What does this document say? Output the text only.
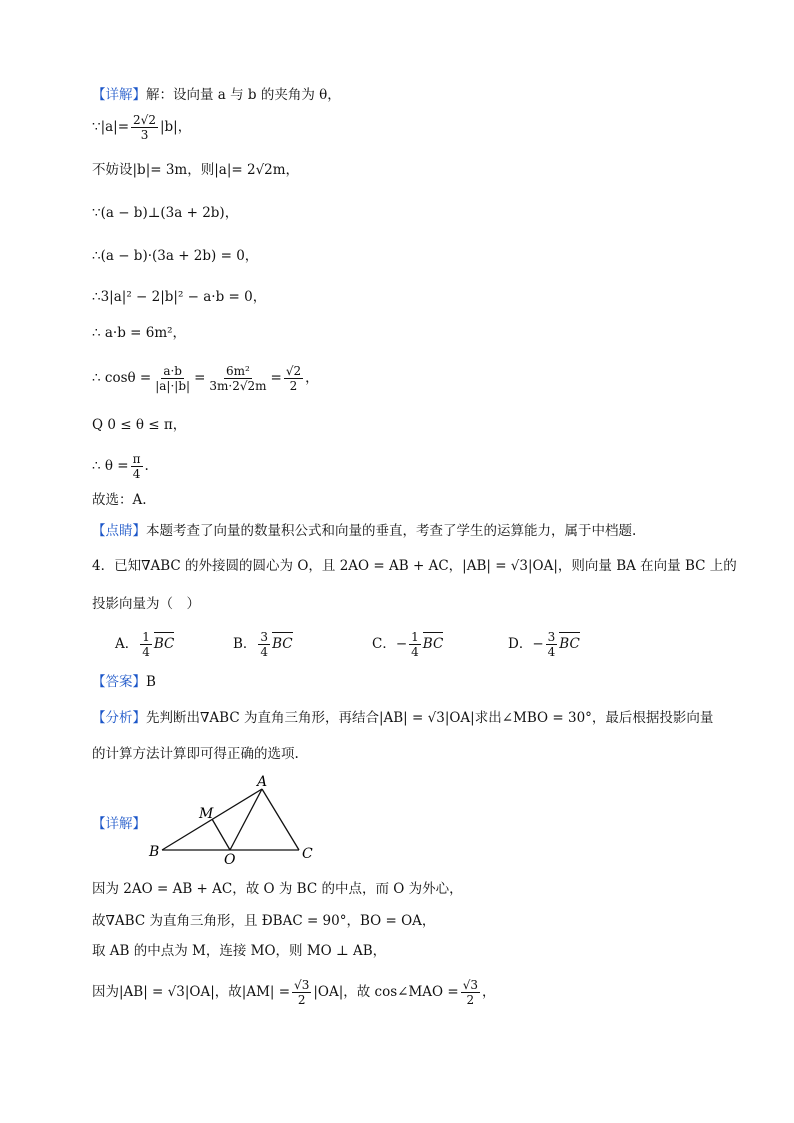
【详解】解：设向量 a 与 b 的夹角为 θ，
∵|a|= $\frac{2√2}{3} |b|$，
不妨设|b|= 3m，则|a|= 2√2m，
∵(a − b)⊥(3a + 2b)，
∴(a − b)·(3a + 2b) = 0，
∴3|a|² − 2|b|² − a·b = 0，
∴ a·b = 6m²，
∴ $\cos\theta = \frac{a\cdot b}{|a|\cdot|b|} = \frac{\text{6m²}}{3m\cdot 2√2m} = \frac{√2}{2}$ ，
Q 0 ≤ θ ≤ π，
∴ $\theta = \frac{\pi}{4}$ .
故选：A.
【点睛】本题考查了向量的数量积公式和向量的垂直，考查了学生的运算能力，属于中档题.
4．已知∇ABC 的外接圆的圆心为 O，且 2AO = AB + AC，|AB| = √3|OA|，则向量 BA 在向量 BC 上的
投影向量为（　）
A． $\frac{1}{4}$ BC	B． $\frac{3}{4}$ BC	C．− $\frac{1}{4}$ BC	D．− $\frac{3}{4}$ BC
【答案】B
【分析】先判断出∇ABC 为直角三角形，再结合|AB| = √3|OA|求出∠MBO = 30°，最后根据投影向量
的计算方法计算即可得正确的选项.
【详解】
A
B	C
M
O
因为 2AO = AB + AC，故 O 为 BC 的中点，而 O 为外心，
故∇ABC 为直角三角形，且 ÐBAC = 90°，BO = OA，
取 AB 的中点为 M，连接 MO，则 MO ⊥ AB，
因为|AB| = √3|OA|，故$|AM| = \frac{√3}{2} |OA|$，故 cos∠MAO = $\frac{√3}{2}$ ，
